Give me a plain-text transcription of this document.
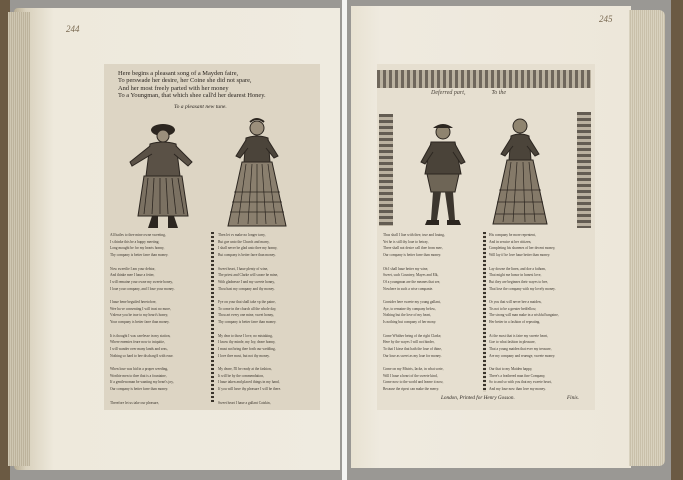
244
Here begins a pleasant song of a Mayden faire,
To perswade her desire, her Coine she did not spare,
And her most freely parted with her money
To a Youngman, that which shee call'd her dearest Honey.
To a pleasant new tune.
All hailes to thee mine owne sweeting,
I s thinke this be a happy meeting;
Long mought be for my hearts honny,
Thy company is better farre than money.

Now sweetlie I am your debtor,
And thinke mee I haue a fetter,
I will remaine your owne my sweete honey,
I loue your company, and I loue your money.

I haue bene beguiled heretofore,
Wee ha ve consenting I will trust no more,
Vnlesse you be true to my heart's honey,
Your company is better farre than money.

It is thought I was carelesse in my station,
Where enemies feare now to iniquitie,
I will wander over many lands and seas,
Nothing so hard to bee discharg'd with ease.

When loue was hid in a proper weeding,
Worthie men to thee that is a fountaine,
If a gentlewoman be wanting my heart's joy,
Our company is better farre than money.

Therefore let us take our pleasure,
Then let vs make no longer tarry,
But goe unto the Church and marry,
I shall never be glad unto thee my honny,
But company is better farre than money.

Sweet heart, I haue plenty of wine,
The priest and Clarke will soone be mine,
With gladnesse I and my sweete honny,
Thou hast my company and thy money.

Fye on your that shall take vp the paine,
To come in the church all the whole day,
Thou art every one mine, sweet honny,
Thy company is better farre than money.

My dear to those I love, no mistaking,
I know thy minde, my Ioy, deare honny,
I must not bring thee forth our wedding,
I love thee most, but not thy money.

My deare, I'll be ready at the fashion,
It will be by the commendation,
I haue taken and placed things in my hand,
If you will have thy pleasure I will be there.

Sweet heart I haue a gallant Catskin,
245
Deferred part,	To the
Thus shall I liue with thee, true and louing,
Yet he is still thy loue to betray,
There shall not desire call thee from mee,
Our company is better farre than money.

Oh I shall haue better my wine,
Sweet, such Countrey, Mayes and Elk,
Of a youngman are the meanes that see,
Nowhere in such a wise companie.

Consider here sweete my young gallant,
Aye, to remaine thy company below,
Nothing but the love of my heart,
Is nothing but company of her mony.

Come Whither being of the right Clarke,
Here by the wayes I will not hinder,
To that I kisse that hath the loue of thine,
Our loue as sweet as my loue for money.

Come on my Mistris, Iacke, in what sorte,
Will I haue a heart of the sweete kind,
Come now to the world and learne it now,
Because the ripest can make the merry.
His company be more repentent,
And in seruice at her cittizen,
Completing his sharenes of her decent money,
Will lay if he love haue better than money.

Lay downe the linen, and doe a fathom,
That might me honor in honest love,
But they are beginnes their wayes to bee,
That lose the company with my lovely money.

Or you that will never bee a maiden,
Tis not to be a greater bedfellow,
The strong will man make in a wishful bargaine,
Her better in a fashion of repeating.

At the most that is faire my sweete heart,
Goe to what fashion in pleasure,
That a young maiden that ever my treasure,
Are my company and reuenge, sweete money.

Our that to my Maiden happy,
There's a feathered man fine Company,
So to and so with you that my sweete heart,
And my loue now than love my money.
London, Printed for Henry Gosson.	Finis.
